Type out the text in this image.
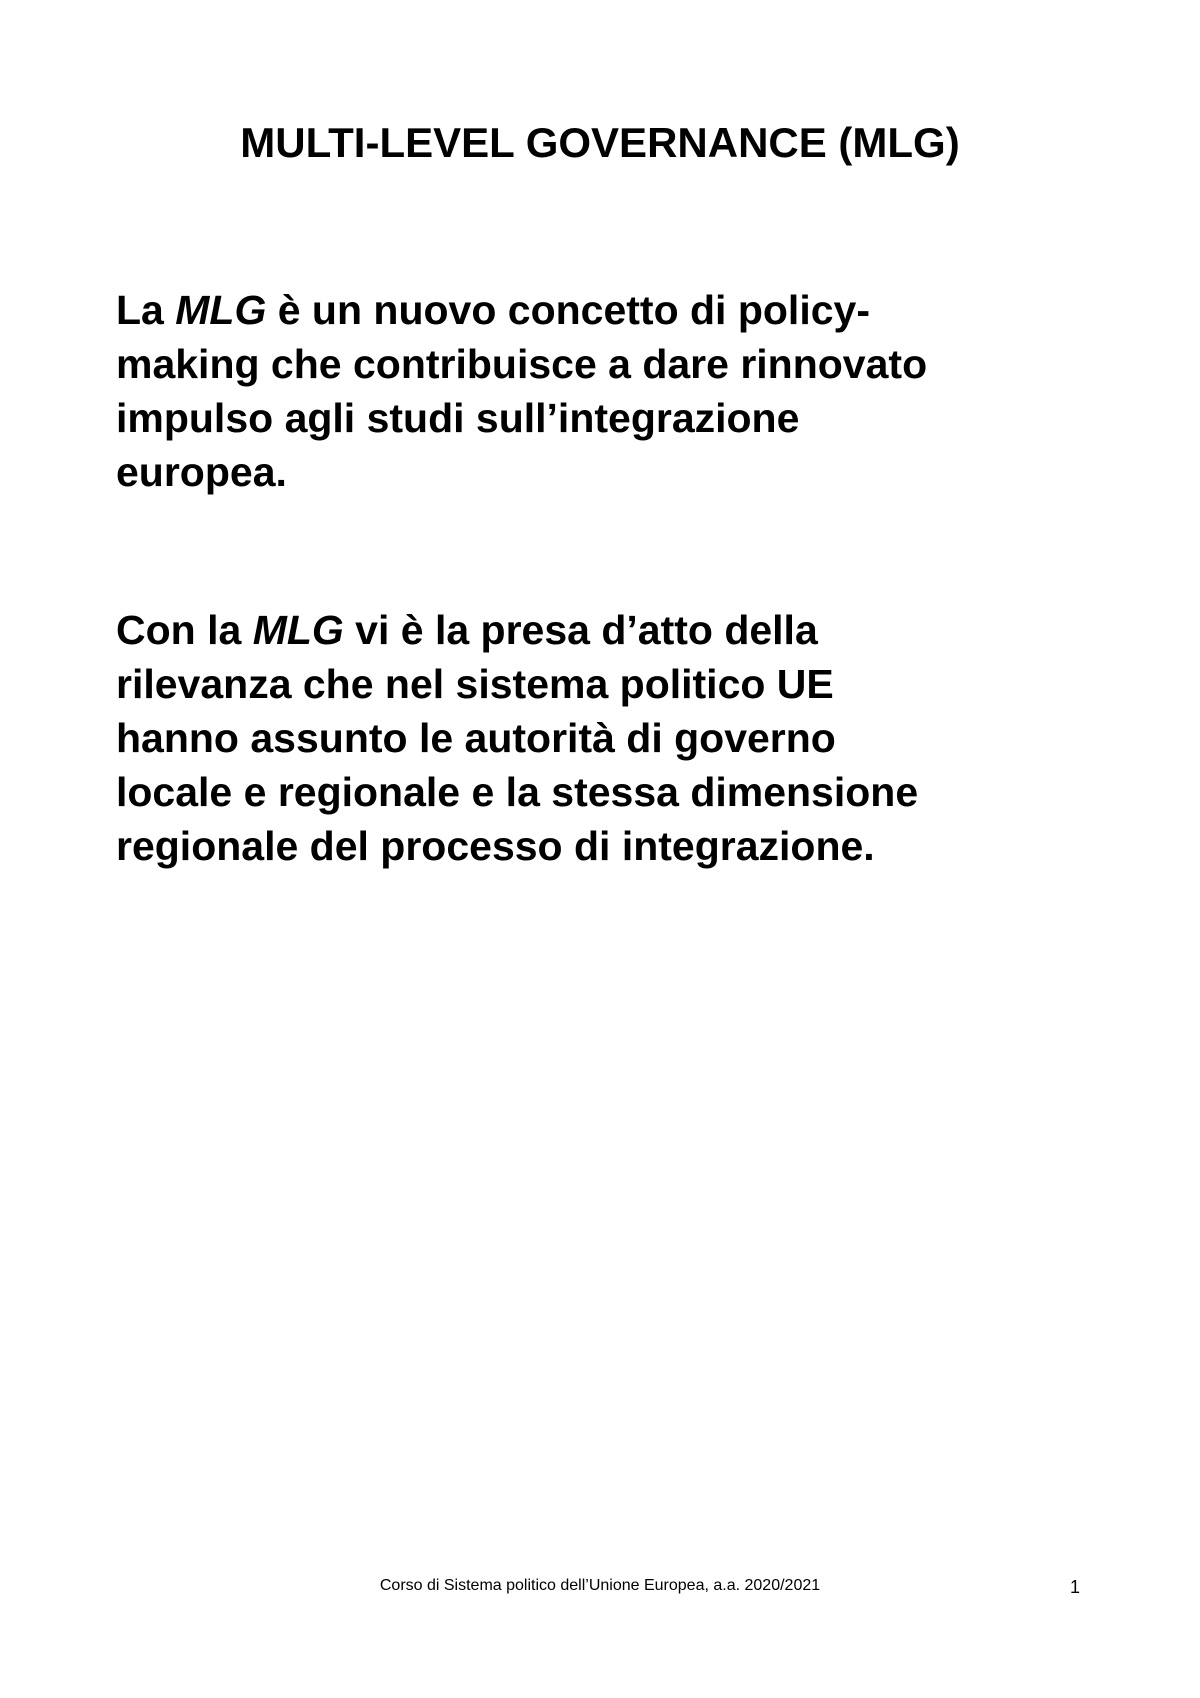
MULTI-LEVEL GOVERNANCE (MLG)

La MLG è un nuovo concetto di policy-
making che contribuisce a dare rinnovato
impulso agli studi sull’integrazione
europea.

Con la MLG vi è la presa d’atto della
rilevanza che nel sistema politico UE
hanno assunto le autorità di governo
locale e regionale e la stessa dimensione
regionale del processo di integrazione.

Corso di Sistema politico dell’Unione Europea, a.a. 2020/2021	1
